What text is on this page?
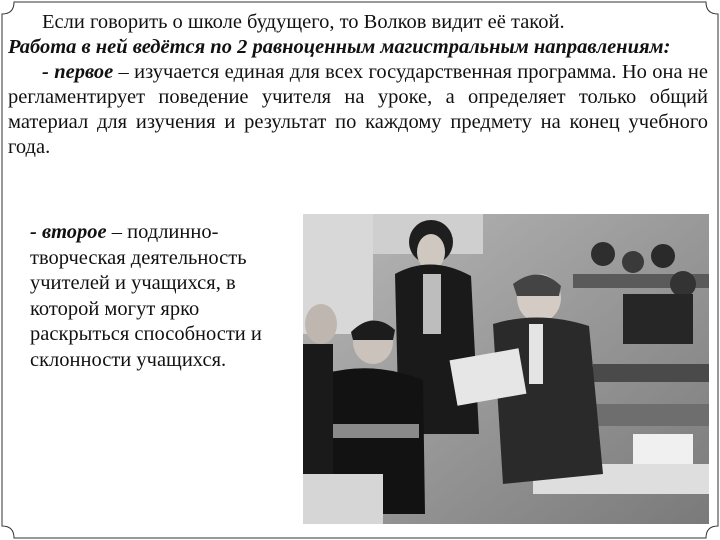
Если говорить о школе будущего, то Волков видит её такой.

Работа в ней ведётся по 2 равноценным магистральным направлениям:

- первое – изучается единая для всех государственная программа. Но она не регламентирует поведение учителя на уроке, а определяет только общий материал для изучения и результат по каждому предмету на конец учебного года.

- второе – подлинно-творческая деятельность учителей и учащихся, в которой могут ярко раскрыться способности и склонности учащихся.
